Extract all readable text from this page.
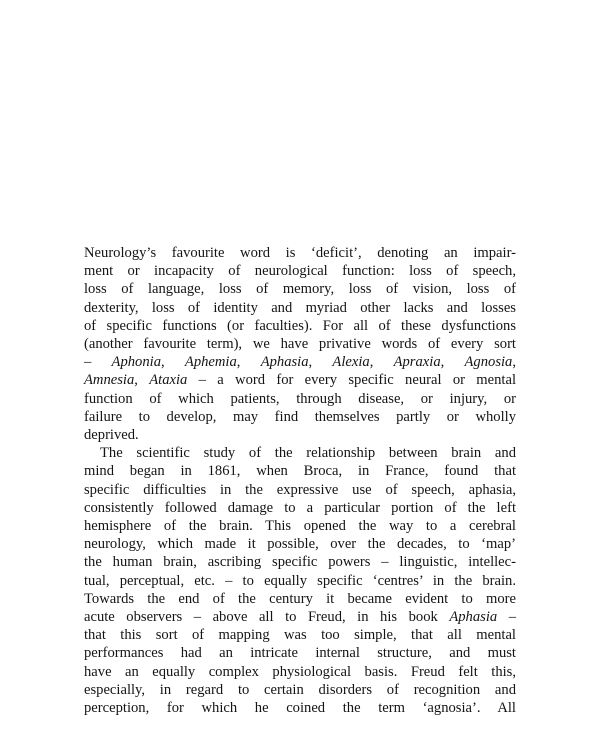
Neurology’s favourite word is ‘deficit’, denoting an impair-
ment or incapacity of neurological function: loss of speech,
loss of language, loss of memory, loss of vision, loss of
dexterity, loss of identity and myriad other lacks and losses
of specific functions (or faculties). For all of these dysfunctions
(another favourite term), we have privative words of every sort
– Aphonia, Aphemia, Aphasia, Alexia, Apraxia, Agnosia,
Amnesia, Ataxia – a word for every specific neural or mental
function of which patients, through disease, or injury, or
failure to develop, may find themselves partly or wholly
deprived.
The scientific study of the relationship between brain and
mind began in 1861, when Broca, in France, found that
specific difficulties in the expressive use of speech, aphasia,
consistently followed damage to a particular portion of the left
hemisphere of the brain. This opened the way to a cerebral
neurology, which made it possible, over the decades, to ‘map’
the human brain, ascribing specific powers – linguistic, intellec-
tual, perceptual, etc. – to equally specific ‘centres’ in the brain.
Towards the end of the century it became evident to more
acute observers – above all to Freud, in his book Aphasia –
that this sort of mapping was too simple, that all mental
performances had an intricate internal structure, and must
have an equally complex physiological basis. Freud felt this,
especially, in regard to certain disorders of recognition and
perception, for which he coined the term ‘agnosia’. All
